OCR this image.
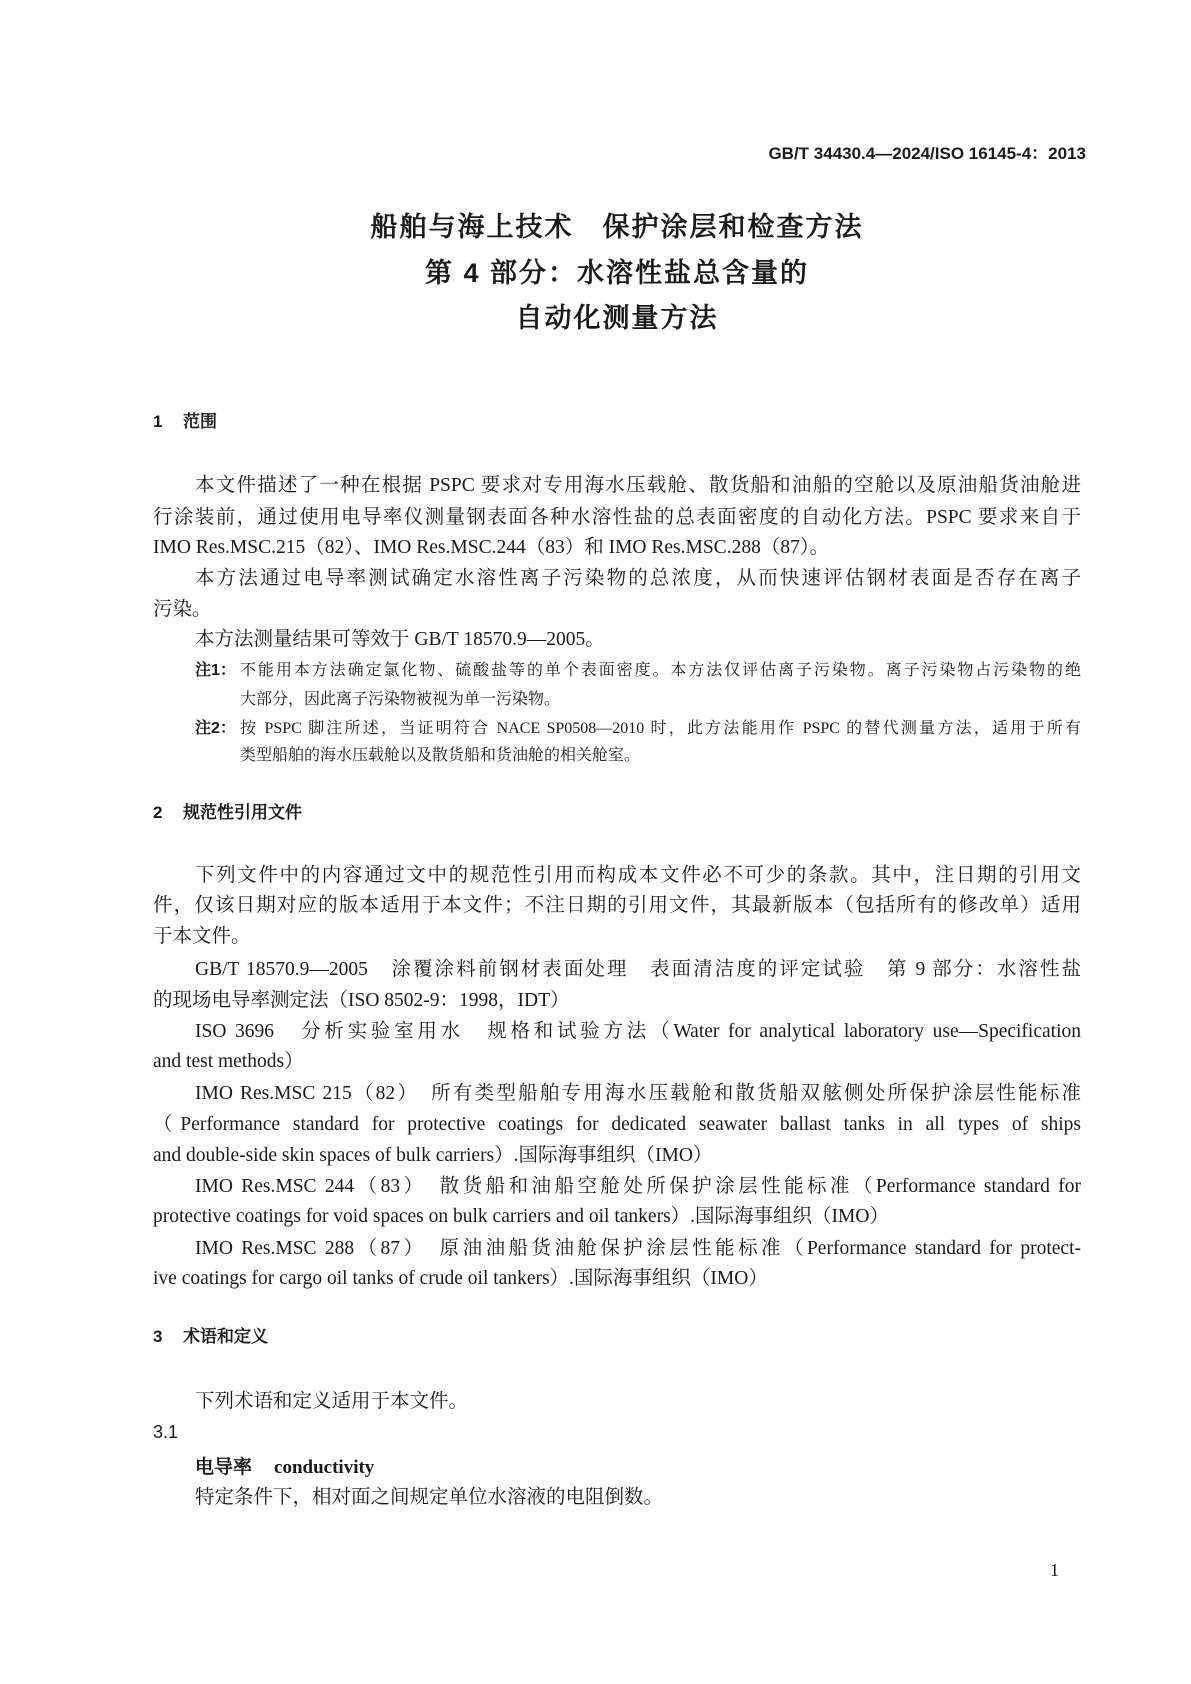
GB/T 34430.4—2024/ISO 16145-4：2013
船舶与海上技术　保护涂层和检查方法
第 4 部分：水溶性盐总含量的
自动化测量方法
1 范围
本文件描述了一种在根据 PSPC 要求对专用海水压载舱、散货船和油船的空舱以及原油船货油舱进
行涂装前，通过使用电导率仪测量钢表面各种水溶性盐的总表面密度的自动化方法。PSPC 要求来自于
IMO Res.MSC.215（82）、IMO Res.MSC.244（83）和 IMO Res.MSC.288（87）。
本方法通过电导率测试确定水溶性离子污染物的总浓度，从而快速评估钢材表面是否存在离子
污染。
本方法测量结果可等效于 GB/T 18570.9—2005。
注1： 不能用本方法确定氯化物、硫酸盐等的单个表面密度。本方法仅评估离子污染物。离子污染物占污染物的绝
大部分，因此离子污染物被视为单一污染物。
注2： 按 PSPC 脚注所述，当证明符合 NACE SP0508—2010 时，此方法能用作 PSPC 的替代测量方法，适用于所有
类型船舶的海水压载舱以及散货船和货油舱的相关舱室。
2 规范性引用文件
下列文件中的内容通过文中的规范性引用而构成本文件必不可少的条款。其中，注日期的引用文
件，仅该日期对应的版本适用于本文件；不注日期的引用文件，其最新版本（包括所有的修改单）适用
于本文件。
GB/T 18570.9—2005　涂覆涂料前钢材表面处理　表面清洁度的评定试验　第 9 部分：水溶性盐
的现场电导率测定法（ISO 8502-9：1998，IDT）
ISO 3696　分析实验室用水　规格和试验方法（Water for analytical laboratory use—Specification
and test methods）
IMO Res.MSC 215（82）　所有类型船舶专用海水压载舱和散货船双舷侧处所保护涂层性能标准
（Performance standard for protective coatings for dedicated seawater ballast tanks in all types of ships
and double-side skin spaces of bulk carriers）.国际海事组织（IMO）
IMO Res.MSC 244（83）　散货船和油船空舱处所保护涂层性能标准（Performance standard for
protective coatings for void spaces on bulk carriers and oil tankers）.国际海事组织（IMO）
IMO Res.MSC 288（87）　原油油船货油舱保护涂层性能标准（Performance standard for protect-
ive coatings for cargo oil tanks of crude oil tankers）.国际海事组织（IMO）
3 术语和定义
下列术语和定义适用于本文件。
3.1
电导率 conductivity
特定条件下，相对面之间规定单位水溶液的电阻倒数。
1
